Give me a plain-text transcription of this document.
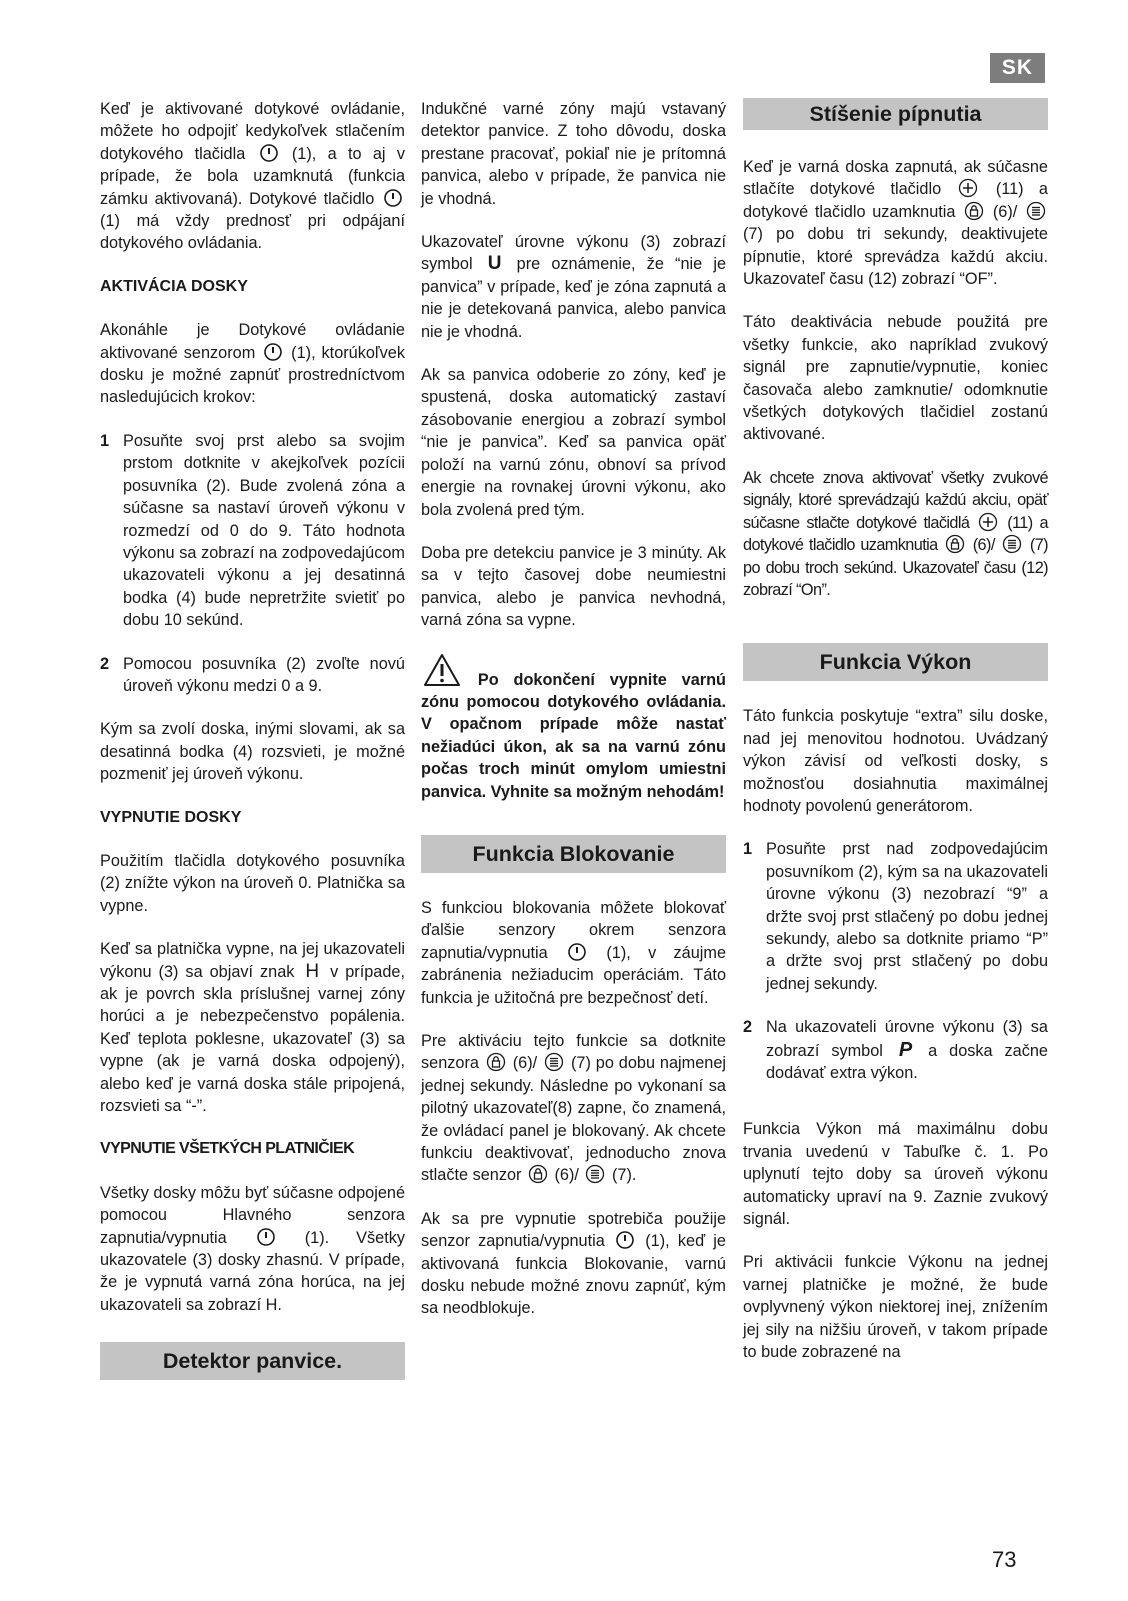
SK

Keď je aktivované dotykové ovládanie, môžete ho odpojiť kedykoľvek stlačením dotykového tlačidla	(1), a to aj v prípade, že bola uzamknutá (funkcia zámku aktivovaná). Dotykové tlačidlo  (1) má vždy prednosť pri odpájaní dotykového ovládania.

AKTIVÁCIA DOSKY

Akonáhle je Dotykové ovládanie aktivované senzorom (1), ktorúkoľvek dosku je možné zapnúť prostredníctvom nasledujúcich krokov:

1 Posuňte svoj prst alebo sa svojim prstom dotknite v akejkoľvek pozícii posuvníka (2). Bude zvolená zóna a súčasne sa nastaví úroveň výkonu v rozmedzí od 0 do 9. Táto hodnota výkonu sa zobrazí na zodpovedajúcom ukazovateli výkonu a jej desatinná bodka (4) bude nepretržite svietiť po dobu 10 sekúnd.
2 Pomocou posuvníka (2) zvoľte novú úroveň výkonu medzi 0 a 9.

Kým sa zvolí doska, inými slovami, ak sa desatinná bodka (4) rozsvieti, je možné pozmeniť jej úroveň výkonu.

VYPNUTIE DOSKY

Použitím tlačidla dotykového posuvníka (2) znížte výkon na úroveň 0. Platnička sa vypne.

Keď sa platnička vypne, na jej ukazovateli výkonu (3) sa objaví znak H v prípade, ak je povrch skla príslušnej varnej zóny horúci a je nebezpečenstvo popálenia. Keď teplota poklesne, ukazovateľ (3) sa vypne (ak je varná doska odpojený), alebo keď je varná doska stále pripojená, rozsvieti sa “-”.

VYPNUTIE VŠETKÝCH PLATNIČIEK

Všetky dosky môžu byť súčasne odpojené pomocou Hlavného senzora zapnutia/vypnutia	(1). Všetky ukazovatele (3) dosky zhasnú. V prípade, že je vypnutá varná zóna horúca, na jej ukazovateli sa zobrazí H.

Detektor panvice.

Indukčné varné zóny majú vstavaný detektor panvice. Z toho dôvodu, doska prestane pracovať, pokiaľ nie je prítomná panvica, alebo v prípade, že panvica nie je vhodná.

Ukazovateľ úrovne výkonu (3) zobrazí symbol U pre oznámenie, že “nie je panvica” v prípade, keď je zóna zapnutá a nie je detekovaná panvica, alebo panvica nie je vhodná.

Ak sa panvica odoberie zo zóny, keď je spustená, doska automatický zastaví zásobovanie energiou a zobrazí symbol “nie je panvica”. Keď sa panvica opäť položí na varnú zónu, obnoví sa prívod energie na rovnakej úrovni výkonu, ako bola zvolená pred tým.

Doba pre detekciu panvice je 3 minúty. Ak sa v tejto časovej dobe neumiestni panvica, alebo je panvica nevhodná, varná zóna sa vypne.

Po dokončení vypnite varnú zónu pomocou dotykového ovládania. V opačnom prípade môže nastať nežiadúci úkon, ak sa na varnú zónu počas troch minút omylom umiestni panvica. Vyhnite sa možným nehodám!
Funkcia Blokovanie

S funkciou blokovania môžete blokovať ďalšie senzory okrem senzora zapnutia/vypnutia	(1), v záujme zabránenia nežiaducim operáciám. Táto funkcia je užitočná pre bezpečnosť detí.

Pre aktiváciu tejto funkcie sa dotknite senzora (6)/ (7) po dobu najmenej jednej sekundy. Následne po vykonaní sa pilotný ukazovateľ(8) zapne, čo znamená, že ovládací panel je blokovaný. Ak chcete funkciu deaktivovať, jednoducho znova stlačte senzor (6)/ (7).

Ak sa pre vypnutie spotrebiča použije senzor zapnutia/vypnutia (1), keď je aktivovaná funkcia Blokovanie, varnú dosku nebude možné znovu zapnúť, kým sa neodblokuje.

Stíšenie pípnutia

Keď je varná doska zapnutá, ak súčasne stlačíte dotykové tlačidlo	(11) a dotykové tlačidlo uzamknutia (6)/  (7) po dobu tri sekundy, deaktivujete pípnutie, ktoré sprevádza každú akciu. Ukazovateľ času (12) zobrazí “OF”.

Táto deaktivácia nebude použitá pre všetky funkcie, ako napríklad zvukový signál pre zapnutie/vypnutie, koniec časovača alebo zamknutie/ odomknutie všetkých dotykových tlačidiel zostanú aktivované.

Ak chcete znova aktivovať všetky zvukové signály, ktoré sprevádzajú každú akciu, opäť súčasne stlačte dotykové tlačidlá (11) a dotykové tlačidlo uzamknutia (6)/ (7) po dobu troch sekúnd. Ukazovateľ času (12) zobrazí “On”.

Funkcia Výkon

Táto funkcia poskytuje “extra” silu doske, nad jej menovitou hodnotou. Uvádzaný výkon závisí od veľkosti dosky, s možnosťou dosiahnutia maximálnej hodnoty povolenú generátorom.

1 Posuňte prst nad zodpovedajúcim posuvníkom (2), kým sa na ukazovateli úrovne výkonu (3) nezobrazí “9” a držte svoj prst stlačený po dobu jednej sekundy, alebo sa dotknite priamo “P” a držte svoj prst stlačený po dobu jednej sekundy.
2 Na ukazovateli úrovne výkonu (3) sa zobrazí symbol P a doska začne dodávať extra výkon.

Funkcia Výkon má maximálnu dobu trvania uvedenú v Tabuľke č. 1. Po uplynutí tejto doby sa úroveň výkonu automaticky upraví na 9. Zaznie zvukový signál.

Pri aktivácii funkcie Výkonu na jednej varnej platničke je možné, že bude ovplyvnený výkon niektorej inej, znížením jej sily na nižšiu úroveň, v takom prípade to bude zobrazené na

73
